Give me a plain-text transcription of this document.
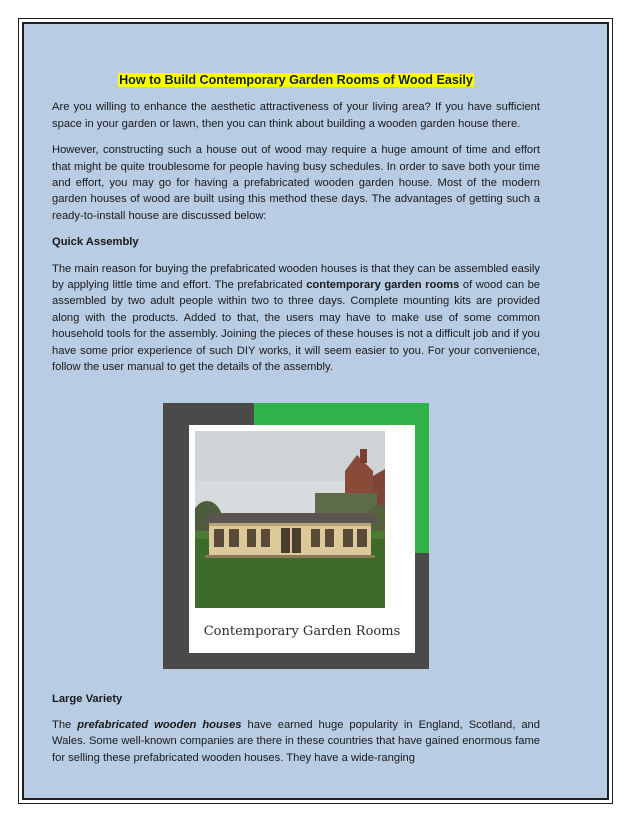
How to Build Contemporary Garden Rooms of Wood Easily

Are you willing to enhance the aesthetic attractiveness of your living area? If you have sufficient space in your garden or lawn, then you can think about building a wooden garden house there.

However, constructing such a house out of wood may require a huge amount of time and effort that might be quite troublesome for people having busy schedules. In order to save both your time and effort, you may go for having a prefabricated wooden garden house. Most of the modern garden houses of wood are built using this method these days. The advantages of getting such a ready-to-install house are discussed below:

Quick Assembly

The main reason for buying the prefabricated wooden houses is that they can be assembled easily by applying little time and effort. The prefabricated contemporary garden rooms of wood can be assembled by two adult people within two to three days. Complete mounting kits are provided along with the products. Added to that, the users may have to make use of some common household tools for the assembly. Joining the pieces of these houses is not a difficult job and if you have some prior experience of such DIY works, it will seem easier to you. For your convenience, follow the user manual to get the details of the assembly.

Contemporary Garden Rooms
Large Variety

The prefabricated wooden houses have earned huge popularity in England, Scotland, and Wales. Some well-known companies are there in these countries that have gained enormous fame for selling these prefabricated wooden houses. They have a wide-ranging
